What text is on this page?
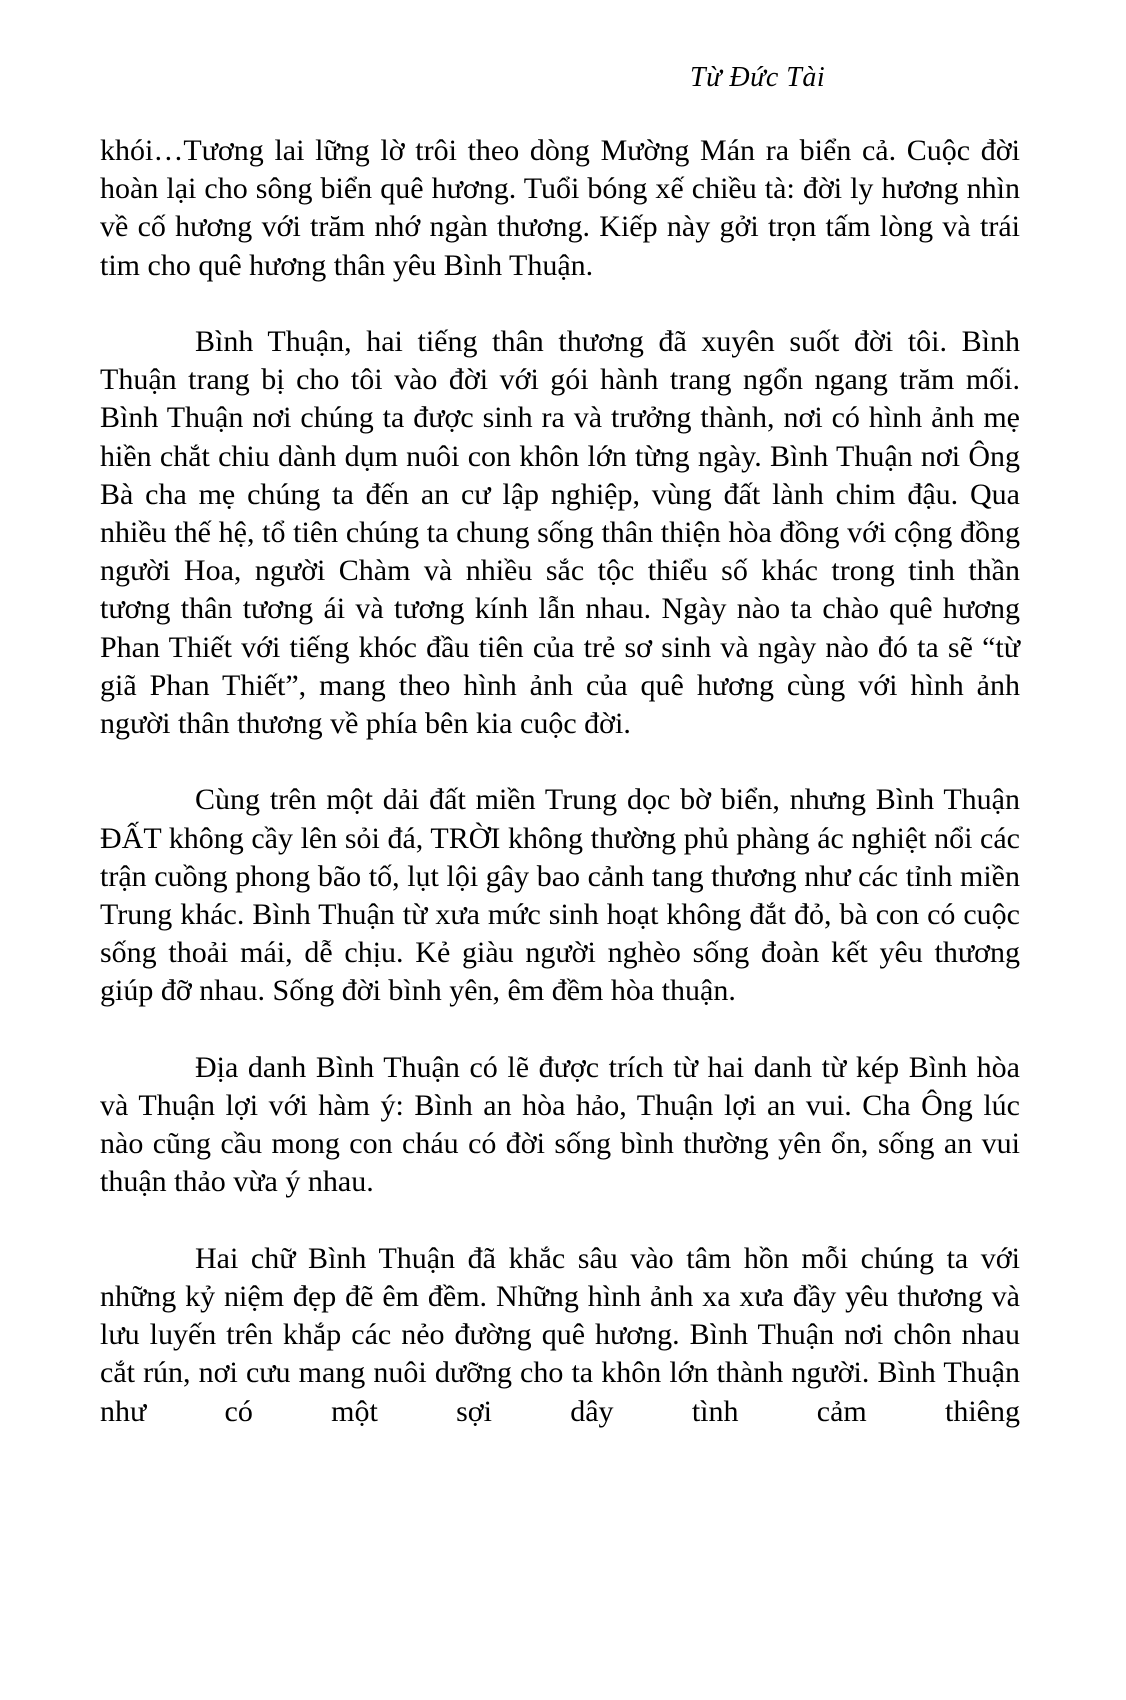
Từ Đức Tài

khói…Tương lai lững lờ trôi theo dòng Mường Mán ra biển cả. Cuộc đời hoàn lại cho sông biển quê hương. Tuổi bóng xế chiều tà: đời ly hương nhìn về cố hương với trăm nhớ ngàn thương. Kiếp này gởi trọn tấm lòng và trái tim cho quê hương thân yêu Bình Thuận.

Bình Thuận, hai tiếng thân thương đã xuyên suốt đời tôi. Bình Thuận trang bị cho tôi vào đời với gói hành trang ngổn ngang trăm mối. Bình Thuận nơi chúng ta được sinh ra và trưởng thành, nơi có hình ảnh mẹ hiền chắt chiu dành dụm nuôi con khôn lớn từng ngày. Bình Thuận nơi Ông Bà cha mẹ chúng ta đến an cư lập nghiệp, vùng đất lành chim đậu. Qua nhiều thế hệ, tổ tiên chúng ta chung sống thân thiện hòa đồng với cộng đồng người Hoa, người Chàm và nhiều sắc tộc thiểu số khác trong tinh thần tương thân tương ái và tương kính lẫn nhau. Ngày nào ta chào quê hương Phan Thiết với tiếng khóc đầu tiên của trẻ sơ sinh và ngày nào đó ta sẽ “từ giã Phan Thiết”, mang theo hình ảnh của quê hương cùng với hình ảnh người thân thương về phía bên kia cuộc đời.

Cùng trên một dải đất miền Trung dọc bờ biển, nhưng Bình Thuận ĐẤT không cầy lên sỏi đá, TRỜI không thường phủ phàng ác nghiệt nổi các trận cuồng phong bão tố, lụt lội gây bao cảnh tang thương như các tỉnh miền Trung khác. Bình Thuận từ xưa mức sinh hoạt không đắt đỏ, bà con có cuộc sống thoải mái, dễ chịu. Kẻ giàu người nghèo sống đoàn kết yêu thương giúp đỡ nhau. Sống đời bình yên, êm đềm hòa thuận.

Địa danh Bình Thuận có lẽ được trích từ hai danh từ kép Bình hòa và Thuận lợi với hàm ý: Bình an hòa hảo, Thuận lợi an vui. Cha Ông lúc nào cũng cầu mong con cháu có đời sống bình thường yên ổn, sống an vui thuận thảo vừa ý nhau.

Hai chữ Bình Thuận đã khắc sâu vào tâm hồn mỗi chúng ta với những kỷ niệm đẹp đẽ êm đềm. Những hình ảnh xa xưa đầy yêu thương và lưu luyến trên khắp các nẻo đường quê hương. Bình Thuận nơi chôn nhau cắt rún, nơi cưu mang nuôi dưỡng cho ta khôn lớn thành người. Bình Thuận như có một sợi dây tình cảm thiêng
